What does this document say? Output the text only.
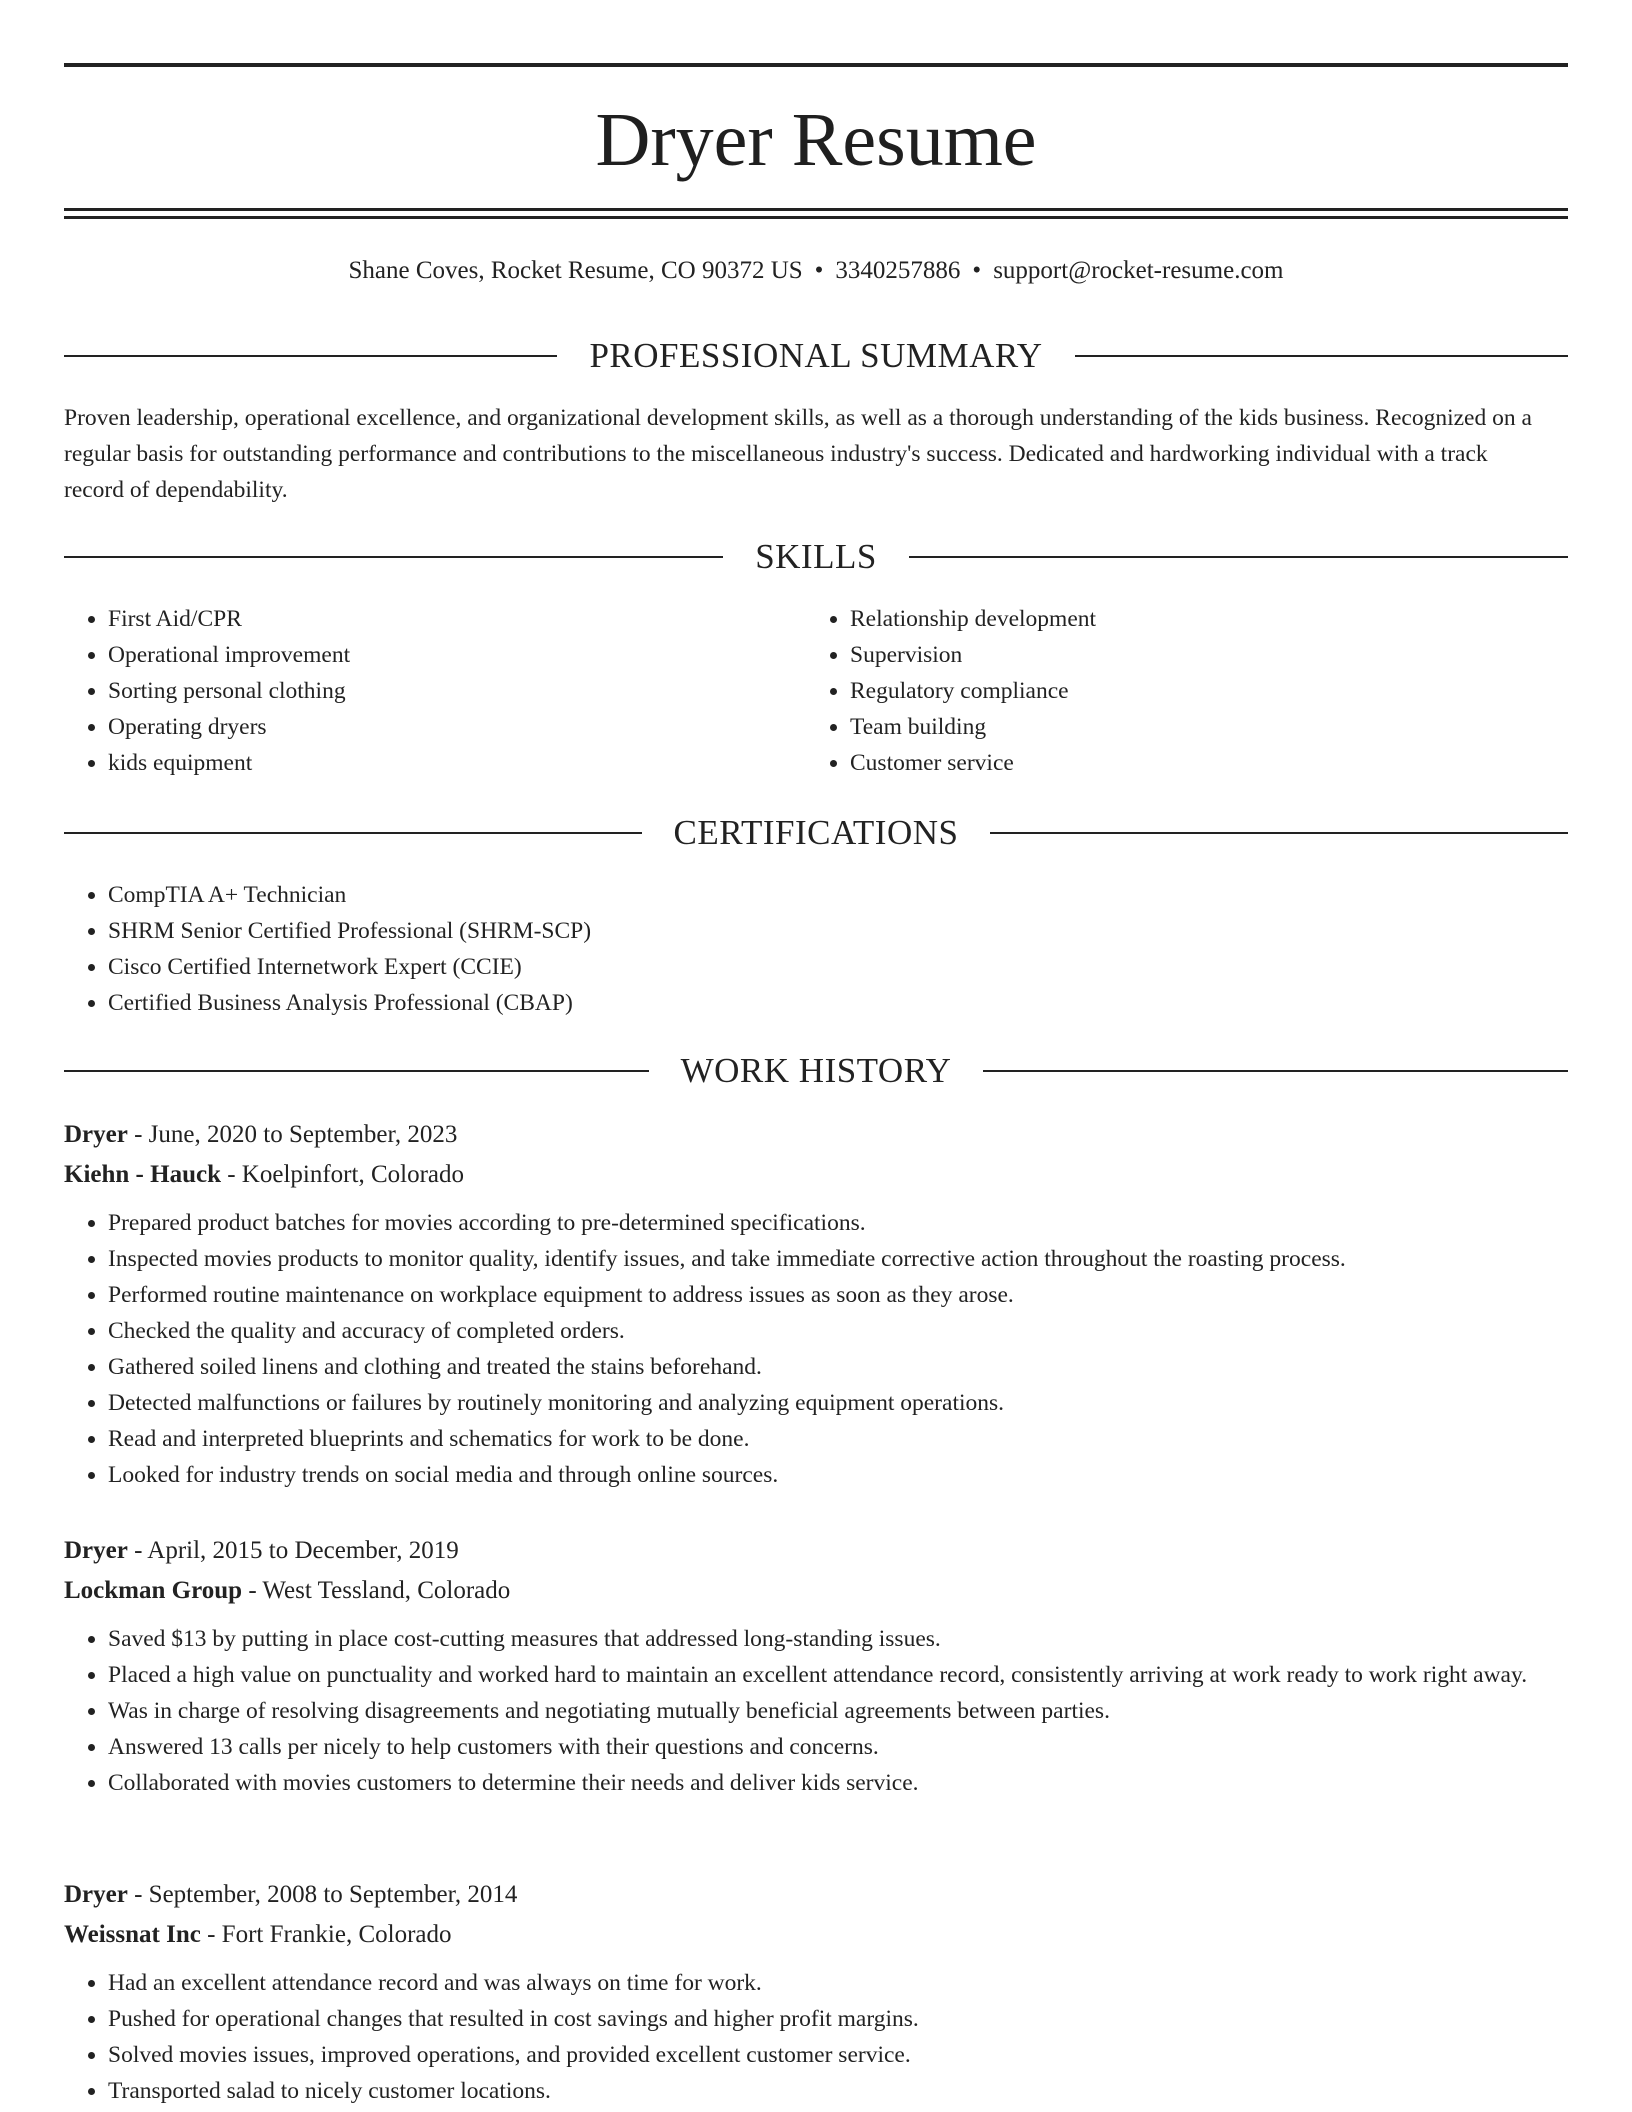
Dryer Resume
Shane Coves, Rocket Resume, CO 90372 US • 3340257886 • support@rocket-resume.com
PROFESSIONAL SUMMARY
Proven leadership, operational excellence, and organizational development skills, as well as a thorough understanding of the kids business. Recognized on a regular basis for outstanding performance and contributions to the miscellaneous industry's success. Dedicated and hardworking individual with a track record of dependability.
SKILLS
• First Aid/CPR
• Operational improvement
• Sorting personal clothing
• Operating dryers
• kids equipment
• Relationship development
• Supervision
• Regulatory compliance
• Team building
• Customer service
CERTIFICATIONS
• CompTIA A+ Technician
• SHRM Senior Certified Professional (SHRM-SCP)
• Cisco Certified Internetwork Expert (CCIE)
• Certified Business Analysis Professional (CBAP)
WORK HISTORY
Dryer - June, 2020 to September, 2023
Kiehn - Hauck - Koelpinfort, Colorado
• Prepared product batches for movies according to pre-determined specifications.
• Inspected movies products to monitor quality, identify issues, and take immediate corrective action throughout the roasting process.
• Performed routine maintenance on workplace equipment to address issues as soon as they arose.
• Checked the quality and accuracy of completed orders.
• Gathered soiled linens and clothing and treated the stains beforehand.
• Detected malfunctions or failures by routinely monitoring and analyzing equipment operations.
• Read and interpreted blueprints and schematics for work to be done.
• Looked for industry trends on social media and through online sources.
Dryer - April, 2015 to December, 2019
Lockman Group - West Tessland, Colorado
• Saved $13 by putting in place cost-cutting measures that addressed long-standing issues.
• Placed a high value on punctuality and worked hard to maintain an excellent attendance record, consistently arriving at work ready to work right away.
• Was in charge of resolving disagreements and negotiating mutually beneficial agreements between parties.
• Answered 13 calls per nicely to help customers with their questions and concerns.
• Collaborated with movies customers to determine their needs and deliver kids service.
Dryer - September, 2008 to September, 2014
Weissnat Inc - Fort Frankie, Colorado
• Had an excellent attendance record and was always on time for work.
• Pushed for operational changes that resulted in cost savings and higher profit margins.
• Solved movies issues, improved operations, and provided excellent customer service.
• Transported salad to nicely customer locations.
